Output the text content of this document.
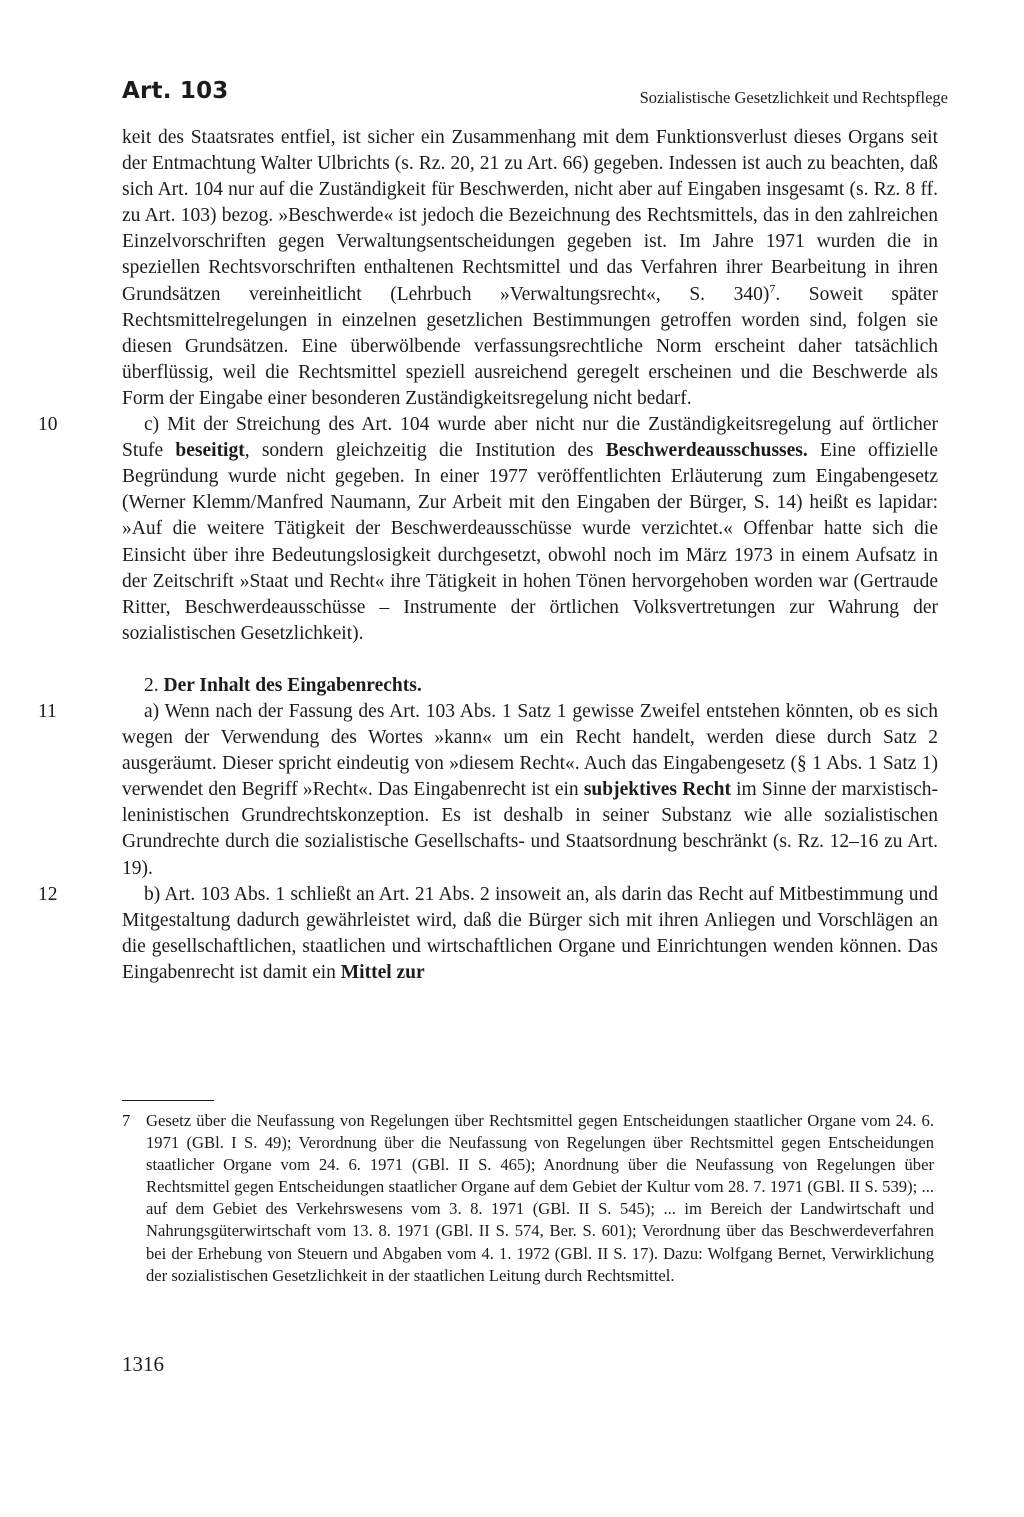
Art. 103	Sozialistische Gesetzlichkeit und Rechtspflege

keit des Staatsrates entfiel, ist sicher ein Zusammenhang mit dem Funktionsverlust dieses Organs seit der Entmachtung Walter Ulbrichts (s. Rz. 20, 21 zu Art. 66) gegeben. Indessen ist auch zu beachten, daß sich Art. 104 nur auf die Zuständigkeit für Beschwerden, nicht aber auf Eingaben insgesamt (s. Rz. 8 ff. zu Art. 103) bezog. »Beschwerde« ist jedoch die Bezeichnung des Rechtsmittels, das in den zahlreichen Einzelvorschriften gegen Verwaltungsentscheidungen gegeben ist. Im Jahre 1971 wurden die in speziellen Rechtsvorschriften enthaltenen Rechtsmittel und das Verfahren ihrer Bearbeitung in ihren Grundsätzen vereinheitlicht (Lehrbuch »Verwaltungsrecht«, S. 340)$^7$. Soweit später Rechtsmittelregelungen in einzelnen gesetzlichen Bestimmungen getroffen worden sind, folgen sie diesen Grundsätzen. Eine überwölbende verfassungsrechtliche Norm erscheint daher tatsächlich überflüssig, weil die Rechtsmittel speziell ausreichend geregelt erscheinen und die Beschwerde als Form der Eingabe einer besonderen Zuständigkeitsregelung nicht bedarf.

10	c) Mit der Streichung des Art. 104 wurde aber nicht nur die Zuständigkeitsregelung auf örtlicher Stufe beseitigt, sondern gleichzeitig die Institution des Beschwerdeausschusses. Eine offizielle Begründung wurde nicht gegeben. In einer 1977 veröffentlichten Erläuterung zum Eingabengesetz (Werner Klemm/Manfred Naumann, Zur Arbeit mit den Eingaben der Bürger, S. 14) heißt es lapidar: »Auf die weitere Tätigkeit der Beschwerdeausschüsse wurde verzichtet.« Offenbar hatte sich die Einsicht über ihre Bedeutungslosigkeit durchgesetzt, obwohl noch im März 1973 in einem Aufsatz in der Zeitschrift »Staat und Recht« ihre Tätigkeit in hohen Tönen hervorgehoben worden war (Gertraude Ritter, Beschwerdeausschüsse – Instrumente der örtlichen Volksvertretungen zur Wahrung der sozialistischen Gesetzlichkeit).

2. Der Inhalt des Eingabenrechts.

11	a) Wenn nach der Fassung des Art. 103 Abs. 1 Satz 1 gewisse Zweifel entstehen könnten, ob es sich wegen der Verwendung des Wortes »kann« um ein Recht handelt, werden diese durch Satz 2 ausgeräumt. Dieser spricht eindeutig von »diesem Recht«. Auch das Eingabengesetz (§ 1 Abs. 1 Satz 1) verwendet den Begriff »Recht«. Das Eingabenrecht ist ein subjektives Recht im Sinne der marxistisch-leninistischen Grundrechtskonzeption. Es ist deshalb in seiner Substanz wie alle sozialistischen Grundrechte durch die sozialistische Gesellschafts- und Staatsordnung beschränkt (s. Rz. 12–16 zu Art. 19).

12	b) Art. 103 Abs. 1 schließt an Art. 21 Abs. 2 insoweit an, als darin das Recht auf Mitbestimmung und Mitgestaltung dadurch gewährleistet wird, daß die Bürger sich mit ihren Anliegen und Vorschlägen an die gesellschaftlichen, staatlichen und wirtschaftlichen Organe und Einrichtungen wenden können. Das Eingabenrecht ist damit ein Mittel zur

7 Gesetz über die Neufassung von Regelungen über Rechtsmittel gegen Entscheidungen staatlicher Organe vom 24. 6. 1971 (GBl. I S. 49); Verordnung über die Neufassung von Regelungen über Rechtsmittel gegen Entscheidungen staatlicher Organe vom 24. 6. 1971 (GBl. II S. 465); Anordnung über die Neufassung von Regelungen über Rechtsmittel gegen Entscheidungen staatlicher Organe auf dem Gebiet der Kultur vom 28. 7. 1971 (GBl. II S. 539); ... auf dem Gebiet des Verkehrswesens vom 3. 8. 1971 (GBl. II S. 545); ... im Bereich der Landwirtschaft und Nahrungsgüterwirtschaft vom 13. 8. 1971 (GBl. II S. 574, Ber. S. 601); Verordnung über das Beschwerdeverfahren bei der Erhebung von Steuern und Abgaben vom 4. 1. 1972 (GBl. II S. 17). Dazu: Wolfgang Bernet, Verwirklichung der sozialistischen Gesetzlichkeit in der staatlichen Leitung durch Rechtsmittel.

1316
